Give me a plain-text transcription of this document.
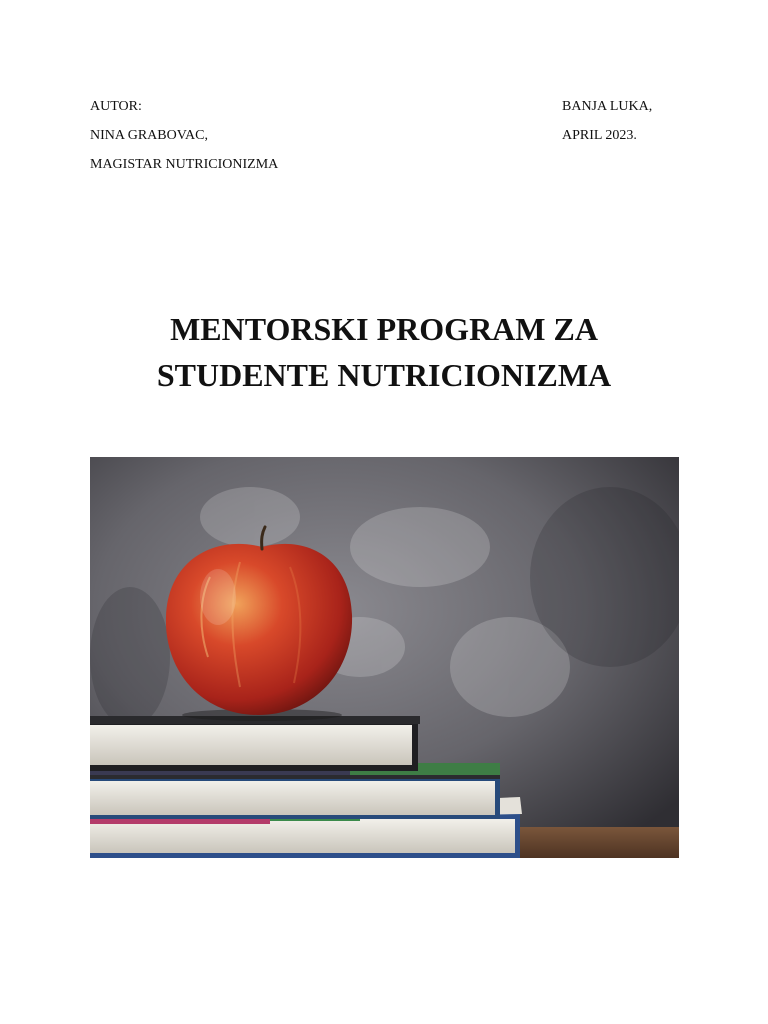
AUTOR:
NINA GRABOVAC,
MAGISTAR NUTRICIONIZMA
BANJA LUKA,
APRIL 2023.
MENTORSKI PROGRAM ZA
STUDENTE NUTRICIONIZMA
